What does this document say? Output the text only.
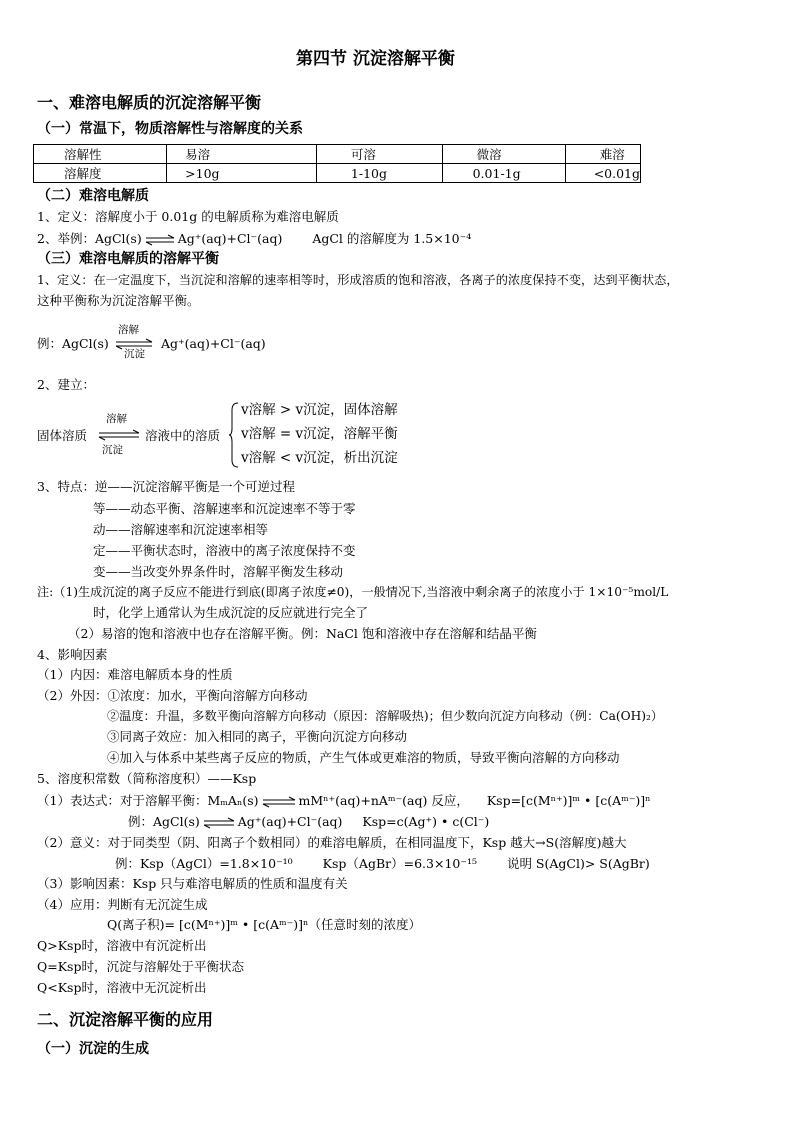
第四节 沉淀溶解平衡
一、难溶电解质的沉淀溶解平衡
（一）常温下，物质溶解性与溶解度的关系
溶解性	易溶	可溶	微溶	难溶
溶解度	>10g	1-10g	0.01-1g	<0.01g
（二）难溶电解质
1、定义：溶解度小于 0.01g 的电解质称为难溶电解质
2、举例：AgCl(s) ⇌ Ag⁺(aq)+Cl⁻(aq) AgCl 的溶解度为 1.5×10⁻⁴
（三）难溶电解质的溶解平衡
1、定义：在一定温度下，当沉淀和溶解的速率相等时，形成溶质的饱和溶液，各离子的浓度保持不变，达到平衡状态，
这种平衡称为沉淀溶解平衡。
例：AgCl(s)
溶解
沉淀
Ag⁺(aq)+Cl⁻(aq)
2、建立：
固体溶质
溶解
沉淀
溶液中的溶质
v溶解 > v沉淀，固体溶解
v溶解 = v沉淀，溶解平衡
v溶解 < v沉淀，析出沉淀
3、特点：逆——沉淀溶解平衡是一个可逆过程
等——动态平衡、溶解速率和沉淀速率不等于零
动——溶解速率和沉淀速率相等
定——平衡状态时，溶液中的离子浓度保持不变
变——当改变外界条件时，溶解平衡发生移动
注:（1)生成沉淀的离子反应不能进行到底(即离子浓度≠0)，一般情况下,当溶液中剩余离子的浓度小于 1×10⁻⁵mol/L
时，化学上通常认为生成沉淀的反应就进行完全了
（2）易溶的饱和溶液中也存在溶解平衡。例：NaCl 饱和溶液中存在溶解和结晶平衡
4、影响因素
（1）内因：难溶电解质本身的性质
（2）外因：①浓度：加水，平衡向溶解方向移动
②温度：升温，多数平衡向溶解方向移动（原因：溶解吸热)；但少数向沉淀方向移动（例：Ca(OH)₂）
③同离子效应：加入相同的离子，平衡向沉淀方向移动
④加入与体系中某些离子反应的物质，产生气体或更难溶的物质，导致平衡向溶解的方向移动
5、溶度积常数（简称溶度积）——Ksp
（1）表达式：对于溶解平衡：MₘAₙ(s) ⇌ mMⁿ⁺(aq)+nAᵐ⁻(aq) 反应， Ksp=[c(Mⁿ⁺)]ᵐ • [c(Aᵐ⁻)]ⁿ
例：AgCl(s) ⇌ Ag⁺(aq)+Cl⁻(aq) Ksp=c(Ag⁺) • c(Cl⁻)
（2）意义：对于同类型（阴、阳离子个数相同）的难溶电解质，在相同温度下，Ksp 越大→S(溶解度)越大
例：Ksp（AgCl）=1.8×10⁻¹⁰ Ksp（AgBr）=6.3×10⁻¹⁵ 说明 S(AgCl)> S(AgBr)
（3）影响因素：Ksp 只与难溶电解质的性质和温度有关
（4）应用：判断有无沉淀生成
Q(离子积)= [c(Mⁿ⁺)]ᵐ • [c(Aᵐ⁻)]ⁿ（任意时刻的浓度）
Q>Ksp时，溶液中有沉淀析出
Q=Ksp时，沉淀与溶解处于平衡状态
Q<Ksp时，溶液中无沉淀析出
二、沉淀溶解平衡的应用
（一）沉淀的生成
